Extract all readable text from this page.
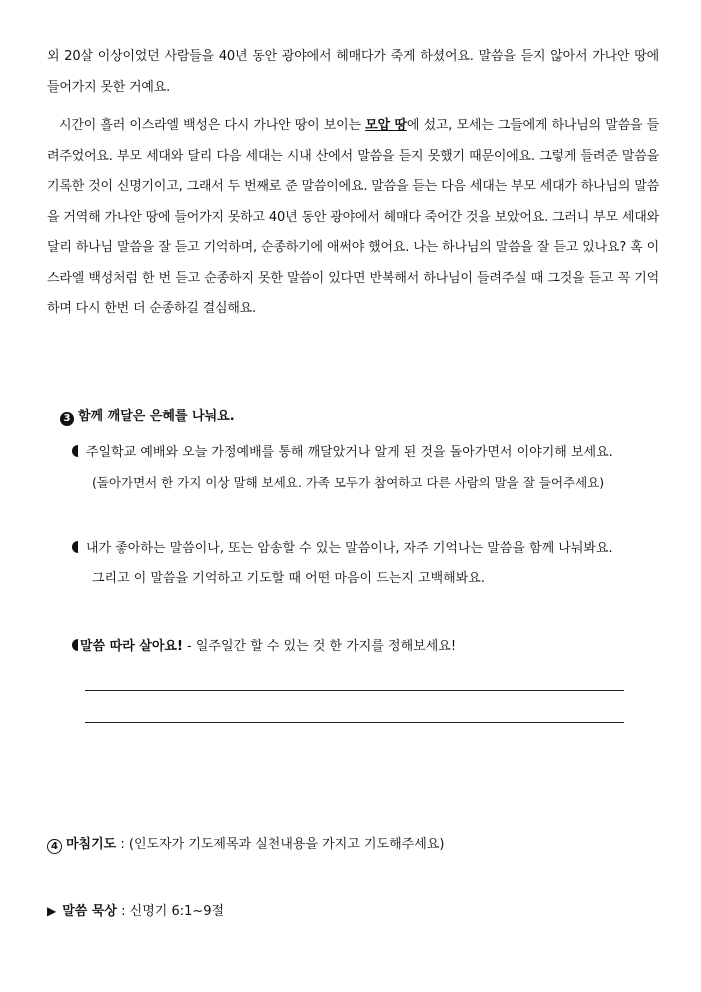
외 20살 이상이었던 사람들을 40년 동안 광야에서 헤매다가 죽게 하셨어요. 말씀을 듣지 않아서 가나안 땅에 들어가지 못한 거예요.
시간이 흘러 이스라엘 백성은 다시 가나안 땅이 보이는 모압 땅에 섰고, 모세는 그들에게 하나님의 말씀을 들려주었어요. 부모 세대와 달리 다음 세대는 시내 산에서 말씀을 듣지 못했기 때문이에요. 그렇게 들려준 말씀을 기록한 것이 신명기이고, 그래서 두 번째로 준 말씀이에요. 말씀을 듣는 다음 세대는 부모 세대가 하나님의 말씀을 거역해 가나안 땅에 들어가지 못하고 40년 동안 광야에서 헤매다 죽어간 것을 보았어요. 그러니 부모 세대와 달리 하나님 말씀을 잘 듣고 기억하며, 순종하기에 애써야 했어요. 나는 하나님의 말씀을 잘 듣고 있나요? 혹 이스라엘 백성처럼 한 번 듣고 순종하지 못한 말씀이 있다면 반복해서 하나님이 들려주실 때 그것을 듣고 꼭 기억하며 다시 한번 더 순종하길 결심해요.
3 함께 깨달은 은혜를 나눠요.
주일학교 예배와 오늘 가정예배를 통해 깨달았거나 알게 된 것을 돌아가면서 이야기해 보세요.
(돌아가면서 한 가지 이상 말해 보세요. 가족 모두가 참여하고 다른 사람의 말을 잘 들어주세요)
내가 좋아하는 말씀이나, 또는 암송할 수 있는 말씀이나, 자주 기억나는 말씀을 함께 나눠봐요.
그리고 이 말씀을 기억하고 기도할 때 어떤 마음이 드는지 고백해봐요.
말씀 따라 살아요! - 일주일간 할 수 있는 것 한 가지를 정해보세요!
4 마침기도 : (인도자가 기도제목과 실천내용을 가지고 기도해주세요)
▶ 말씀 묵상 : 신명기 6:1~9절
